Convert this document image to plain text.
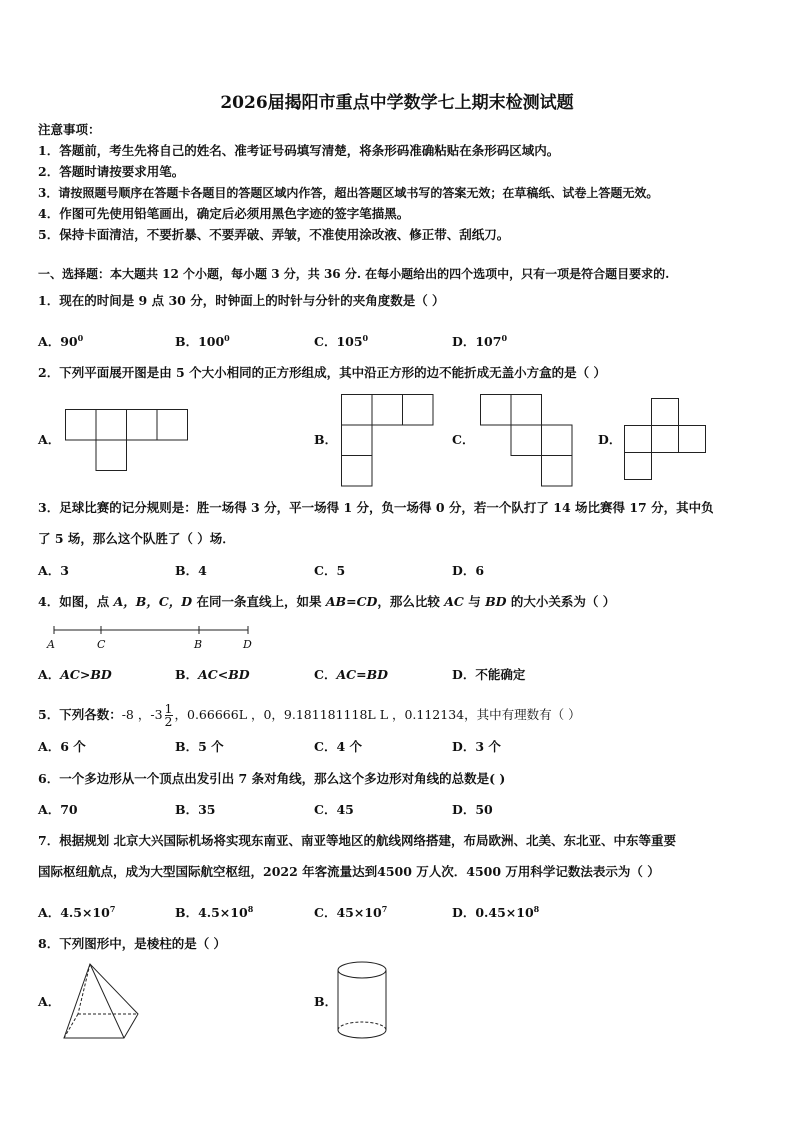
2026届揭阳市重点中学数学七上期末检测试题
注意事项：
1．答题前，考生先将自己的姓名、准考证号码填写清楚，将条形码准确粘贴在条形码区域内。
2．答题时请按要求用笔。
3．请按照题号顺序在答题卡各题目的答题区域内作答，超出答题区域书写的答案无效；在草稿纸、试卷上答题无效。
4．作图可先使用铅笔画出，确定后必须用黑色字迹的签字笔描黑。
5．保持卡面清洁，不要折暴、不要弄破、弄皱，不准使用涂改液、修正带、刮纸刀。
一、选择题：本大题共 12 个小题，每小题 3 分，共 36 分. 在每小题给出的四个选项中，只有一项是符合题目要求的.
1．现在的时间是 9 点 30 分，时钟面上的时针与分针的夹角度数是（ ）
A．$90^0$	B．$100^0$	C．$105^0$	D．$107^0$
2．下列平面展开图是由 5 个大小相同的正方形组成，其中沿正方形的边不能折成无盖小方盒的是（ ）
A．	B．	C．	D．
3．足球比赛的记分规则是：胜一场得 3 分，平一场得 1 分，负一场得 0 分，若一个队打了 14 场比赛得 17 分，其中负
了 5 场，那么这个队胜了（ ）场．
A．3	B．4	C．5	D．6
4．如图，点 A，B，C，D 在同一条直线上，如果 AB=CD，那么比较 AC 与 BD 的大小关系为（ ）
A	C	B	D
A．AC>BD	B．AC<BD	C．AC=BD	D．不能确定
5．下列各数：-8 ，$-3 \frac{1}{2}$ ，0.66666L ，0，9.181181118L L ，0.112134，其中有理数有（ ）
A．6 个	B．5 个	C．4 个	D．3 个
6．一个多边形从一个顶点出发引出 7 条对角线，那么这个多边形对角线的总数是( )
A．70	B．35	C．45	D．50
7．根据规划 北京大兴国际机场将实现东南亚、南亚等地区的航线网络搭建，布局欧洲、北美、东北亚、中东等重要
国际枢纽航点，成为大型国际航空枢纽，2022 年客流量达到4500 万人次．4500 万用科学记数法表示为（ ）
A．$4.5\times 10^7$	B．$4.5\times 10^8$	C．$45\times 10^7$	D．$0.45\times 10^8$
8．下列图形中，是棱柱的是（ ）
A．	B．
